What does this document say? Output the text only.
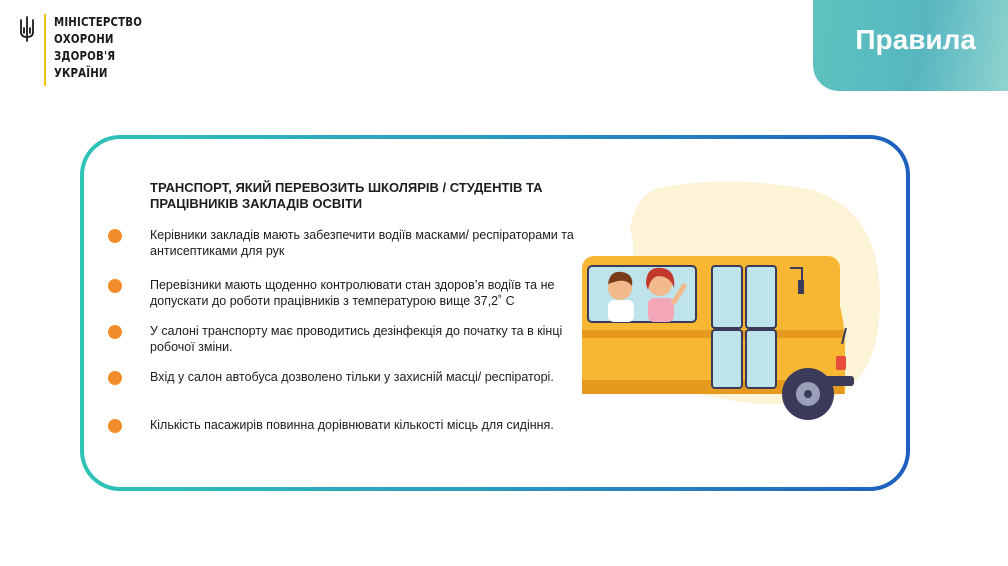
МІНІСТЕРСТВО
ОХОРОНИ
ЗДОРОВ'Я
УКРАЇНИ
Правила
ТРАНСПОРТ, ЯКИЙ ПЕРЕВОЗИТЬ ШКОЛЯРІВ / СТУДЕНТІВ ТА ПРАЦІВНИКІВ ЗАКЛАДІВ ОСВІТИ
Керівники закладів мають забезпечити водіїв масками/ респіраторами та антисептиками для рук
Перевізники мають щоденно контролювати стан здоров’я водіїв та не допускати до роботи працівників з температурою вище 37,2˚ С
У салоні транспорту має проводитись дезінфекція до початку та в кінці робочої зміни.
Вхід у салон автобуса дозволено тільки у захисній масці/ респіраторі.
Кількість пасажирів повинна дорівнювати кількості місць для сидіння.
